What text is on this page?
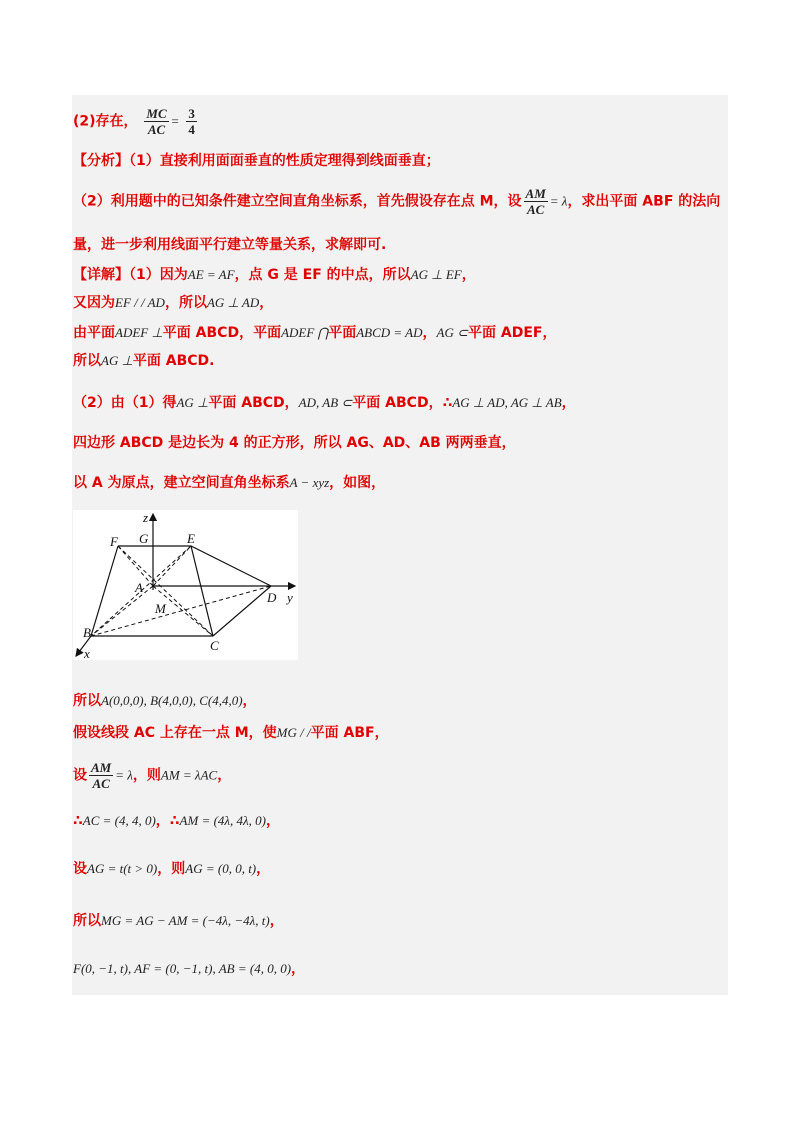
(2)存在， $\frac{MC}{AC} = \frac{3}{4}$
【分析】（1）直接利用面面垂直的性质定理得到线面垂直；
（2）利用题中的已知条件建立空间直角坐标系，首先假设存在点 M，设 $\frac{AM}{AC} = \lambda$，求出平面 ABF 的法向
量，进一步利用线面平行建立等量关系，求解即可.
【详解】（1）因为AE = AF，点 G 是 EF 的中点，所以AG ⊥ EF，
又因为EF / / AD，所以AG ⊥ AD，
由平面ADEF ⊥平面 ABCD，平面ADEF ⋂平面ABCD = AD，AG ⊂平面 ADEF，
所以AG ⊥平面 ABCD.
（2）由（1）得AG ⊥平面 ABCD，AD, AB ⊂平面 ABCD，∴AG ⊥ AD, AG ⊥ AB，
四边形 ABCD 是边长为 4 的正方形，所以 AG、AD、AB 两两垂直，
以 A 为原点，建立空间直角坐标系A − xyz，如图，
z
G	E
F
A
D y
M
B
C
x
所以A(0,0,0), B(4,0,0), C(4,4,0)，
假设线段 AC 上存在一点 M，使MG / /平面 ABF，
设 $\frac{AM}{AC} = \lambda$，则AM = λAC，
∴AC = (4, 4, 0)，∴AM = (4λ, 4λ, 0)，
设AG = t(t > 0)，则AG = (0, 0, t)，
所以MG = AG − AM = (−4λ, −4λ, t)，
F(0, −1, t), AF = (0, −1, t), AB = (4, 0, 0)，
